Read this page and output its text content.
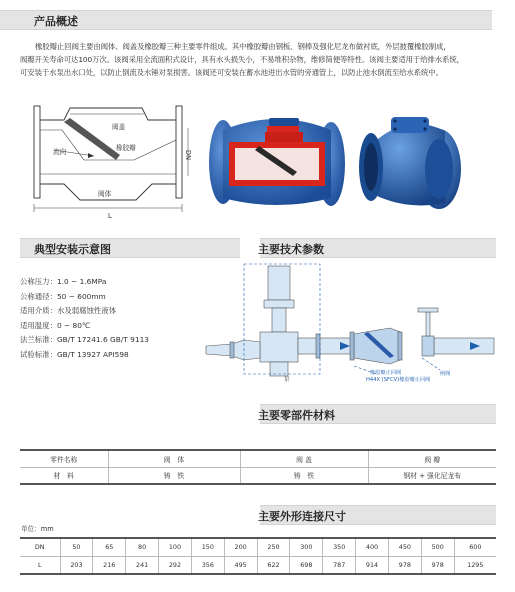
产品概述
橡胶瓣止回阀主要由阀体、阀盖及橡胶瓣三种主要零件组成。其中橡胶瓣由钢板、钢棒及强化尼龙布做衬底，外层披覆橡胶制成，
阀瓣开关寿命可达100万次。该阀采用全流面积式设计，具有水头损失小，不易堆积杂物，维修简便等特性。该阀主要适用于给排水系统，
可安装于水泵出水口处，以防止倒流及水锤对泵损害。该阀还可安装在蓄水池进出水管的旁通管上，以防止池水倒流至给水系统中。
阀盖
流向	橡胶瓣
阀体
DN
L
典型安装示意图	主要技术参数
公称压力：1.0 ~ 1.6MPa
公称通径：50 ~ 600mm
适用介质：水及弱腐蚀性液体
适用温度：0 ~ 80℃
法兰标准：GB/T 17241.6 GB/T 9113
试验标准：GB/T 13927 API598
泵
橡胶瓣止回阀
H44X (SFCV)橡胶瓣止回阀
闸阀
主要零部件材料
零件名称	阀　体	阀 盖	阀 瓣
材　料	铸　铁	铸　铁	钢材 + 强化尼龙布
主要外形连接尺寸
单位：mm
DN	50	65	80	100	150	200	250	300	350	400	450	500	600
L	203	216	241	292	356	495	622	698	787	914	978	978	1295
